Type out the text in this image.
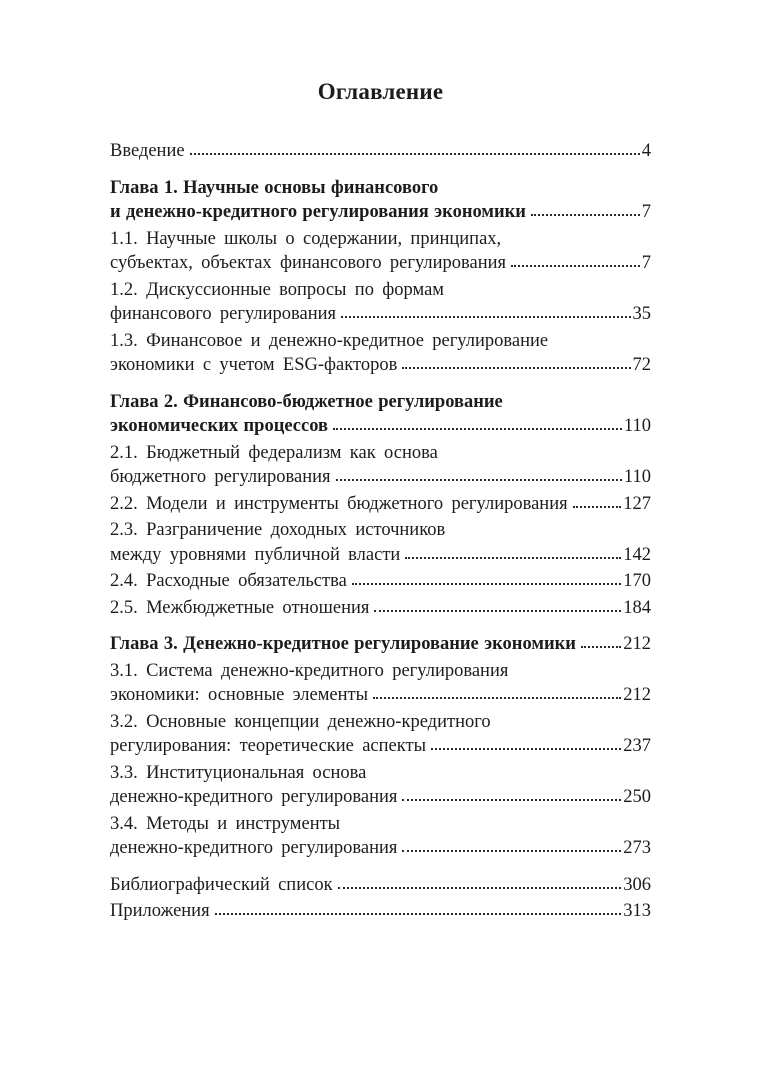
Оглавление
Введение	4
Глава 1. Научные основы финансового
и денежно-кредитного регулирования экономики	7
1.1. Научные школы о содержании, принципах,
субъектах, объектах финансового регулирования	7
1.2. Дискуссионные вопросы по формам
финансового регулирования	35
1.3. Финансовое и денежно-кредитное регулирование
экономики с учетом ESG-факторов	72
Глава 2. Финансово-бюджетное регулирование
экономических процессов	110
2.1. Бюджетный федерализм как основа
бюджетного регулирования	110
2.2. Модели и инструменты бюджетного регулирования	127
2.3. Разграничение доходных источников
между уровнями публичной власти	142
2.4. Расходные обязательства	170
2.5. Межбюджетные отношения	184
Глава 3. Денежно-кредитное регулирование экономики	212
3.1. Система денежно-кредитного регулирования
экономики: основные элементы	212
3.2. Основные концепции денежно-кредитного
регулирования: теоретические аспекты	237
3.3. Институциональная основа
денежно-кредитного регулирования	250
3.4. Методы и инструменты
денежно-кредитного регулирования	273
Библиографический список	306
Приложения	313
